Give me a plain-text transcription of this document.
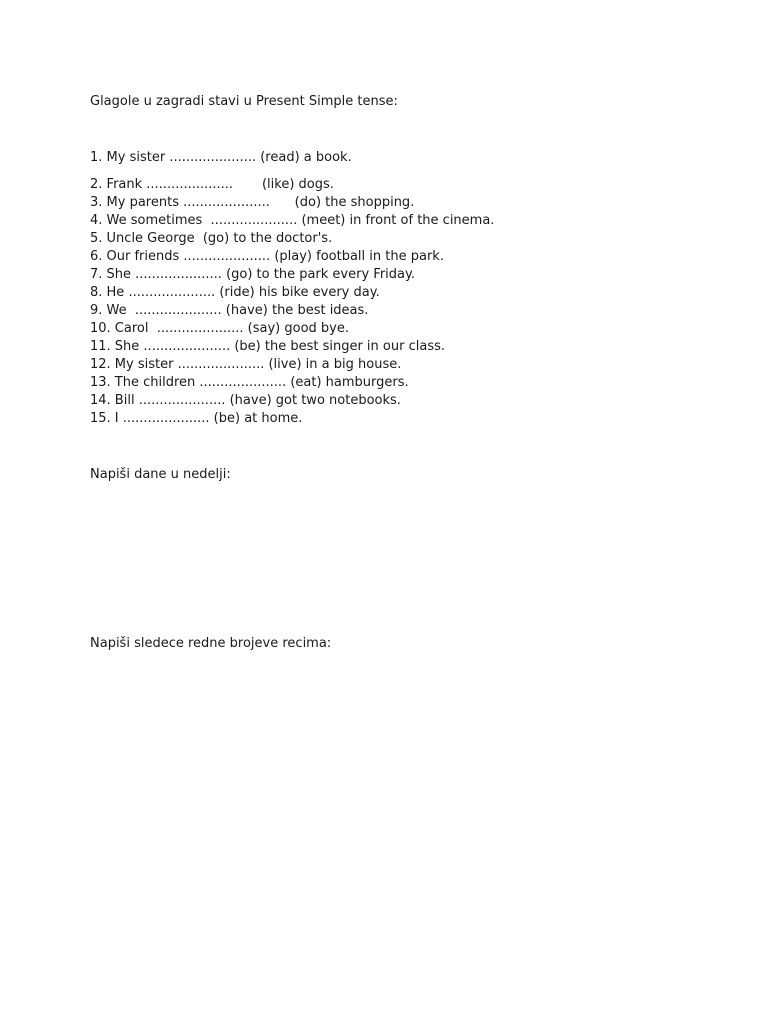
Glagole u zagradi stavi u Present Simple tense:

1. My sister ..................... (read) a book.
2. Frank .....................       (like) dogs.
3. My parents .....................      (do) the shopping.
4. We sometimes  ..................... (meet) in front of the cinema.
5. Uncle George  (go) to the doctor's.
6. Our friends ..................... (play) football in the park.
7. She ..................... (go) to the park every Friday.
8. He ..................... (ride) his bike every day.
9. We  ..................... (have) the best ideas.
10. Carol  ..................... (say) good bye.
11. She ..................... (be) the best singer in our class.
12. My sister ..................... (live) in a big house.
13. The children ..................... (eat) hamburgers.
14. Bill ..................... (have) got two notebooks.
15. I ..................... (be) at home.

Napiši dane u nedelji:

Napiši sledece redne brojeve recima:
